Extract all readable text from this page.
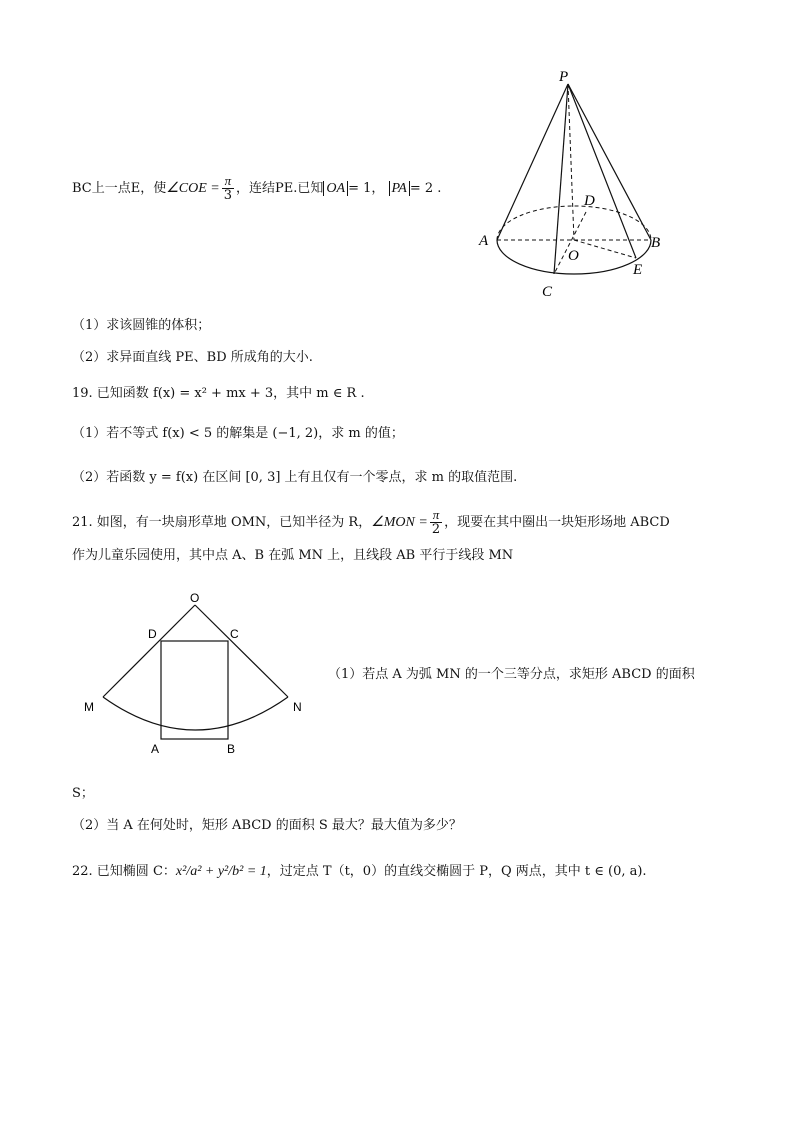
P
A	B
C
D
O
E
BC上一点E，使∠COE = $\frac{\pi}{3}$ ，连结PE.已知 OA = 1， PA = 2 .
（1）求该圆锥的体积；
（2）求异面直线 PE、BD 所成角的大小.
19. 已知函数 f(x) = x² + mx + 3，其中 m ∈ R .
（1）若不等式 f(x) < 5 的解集是 (−1, 2)，求 m 的值；
（2）若函数 y = f(x) 在区间 [0, 3] 上有且仅有一个零点，求 m 的取值范围.
21. 如图，有一块扇形草地 OMN，已知半径为 R，∠MON = $\frac{\pi}{2}$ ，现要在其中圈出一块矩形场地 ABCD
作为儿童乐园使用，其中点 A、B 在弧 MN 上，且线段 AB 平行于线段 MN
O
D	C
M	N
A	B
（1）若点 A 为弧 MN 的一个三等分点，求矩形 ABCD 的面积
S；
（2）当 A 在何处时，矩形 ABCD 的面积 S 最大？最大值为多少？
22. 已知椭圆 C：x²/a² + y²/b² = 1，过定点 T（t，0）的直线交椭圆于 P，Q 两点，其中 t ∈ (0, a).
